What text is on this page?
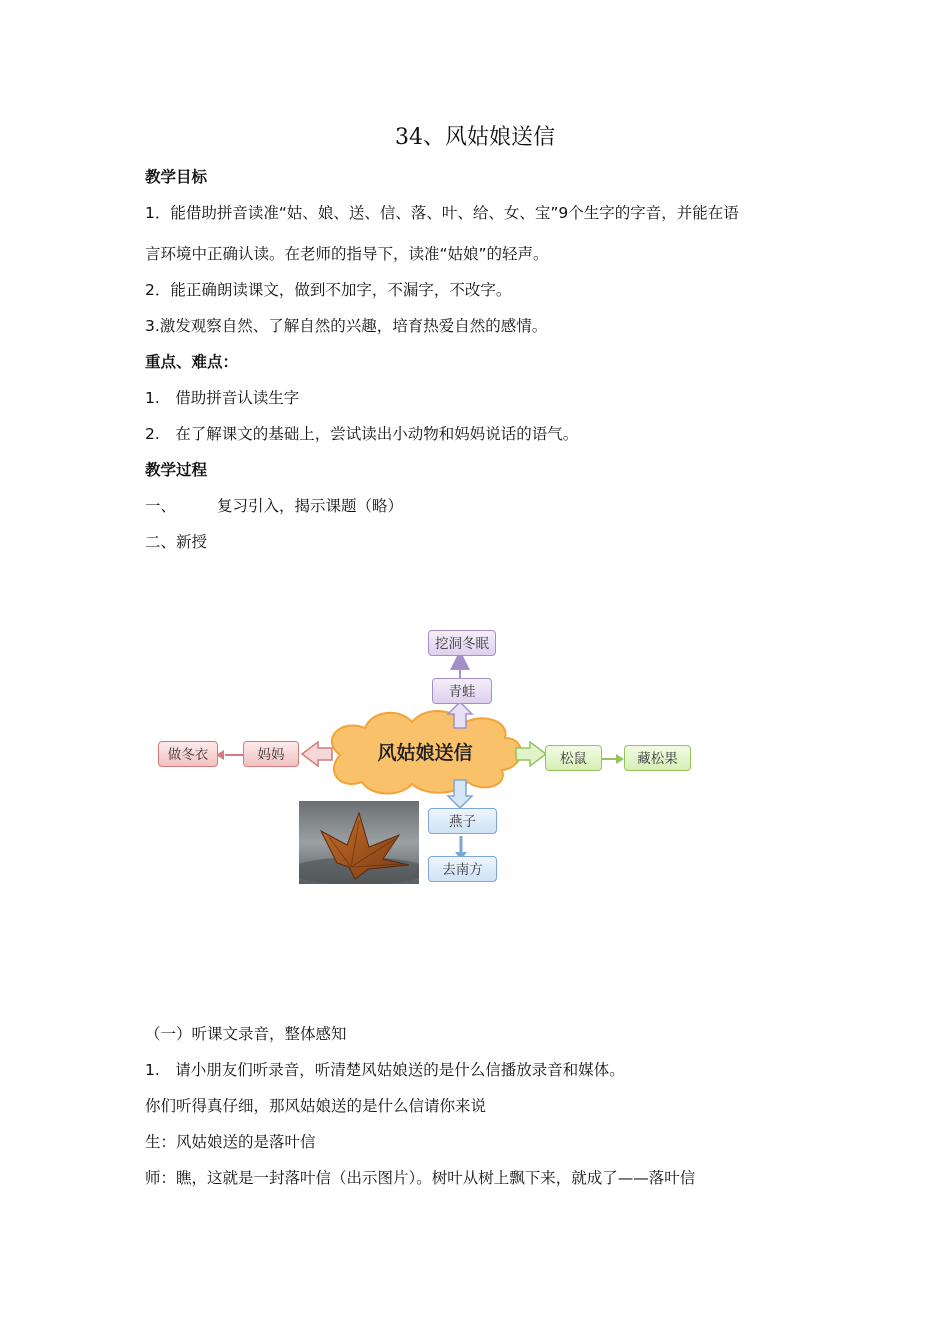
34、风姑娘送信
教学目标
1．能借助拼音读准“姑、娘、送、信、落、叶、给、女、宝”9个生字的字音，并能在语
言环境中正确认读。在老师的指导下，读准“姑娘”的轻声。
2．能正确朗读课文，做到不加字，不漏字，不改字。
3.激发观察自然、了解自然的兴趣，培育热爱自然的感情。
重点、难点：
1.　借助拼音认读生字
2.　在了解课文的基础上，尝试读出小动物和妈妈说话的语气。
教学过程
一、	复习引入，揭示课题（略）
二、新授
风姑娘送信
挖洞冬眠
青蛙
做冬衣	妈妈	松鼠	藏松果
燕子
去南方
（一）听课文录音，整体感知
1.　请小朋友们听录音，听清楚风姑娘送的是什么信播放录音和媒体。
你们听得真仔细，那风姑娘送的是什么信请你来说
生：风姑娘送的是落叶信
师：瞧，这就是一封落叶信（出示图片）。树叶从树上飘下来，就成了——落叶信
